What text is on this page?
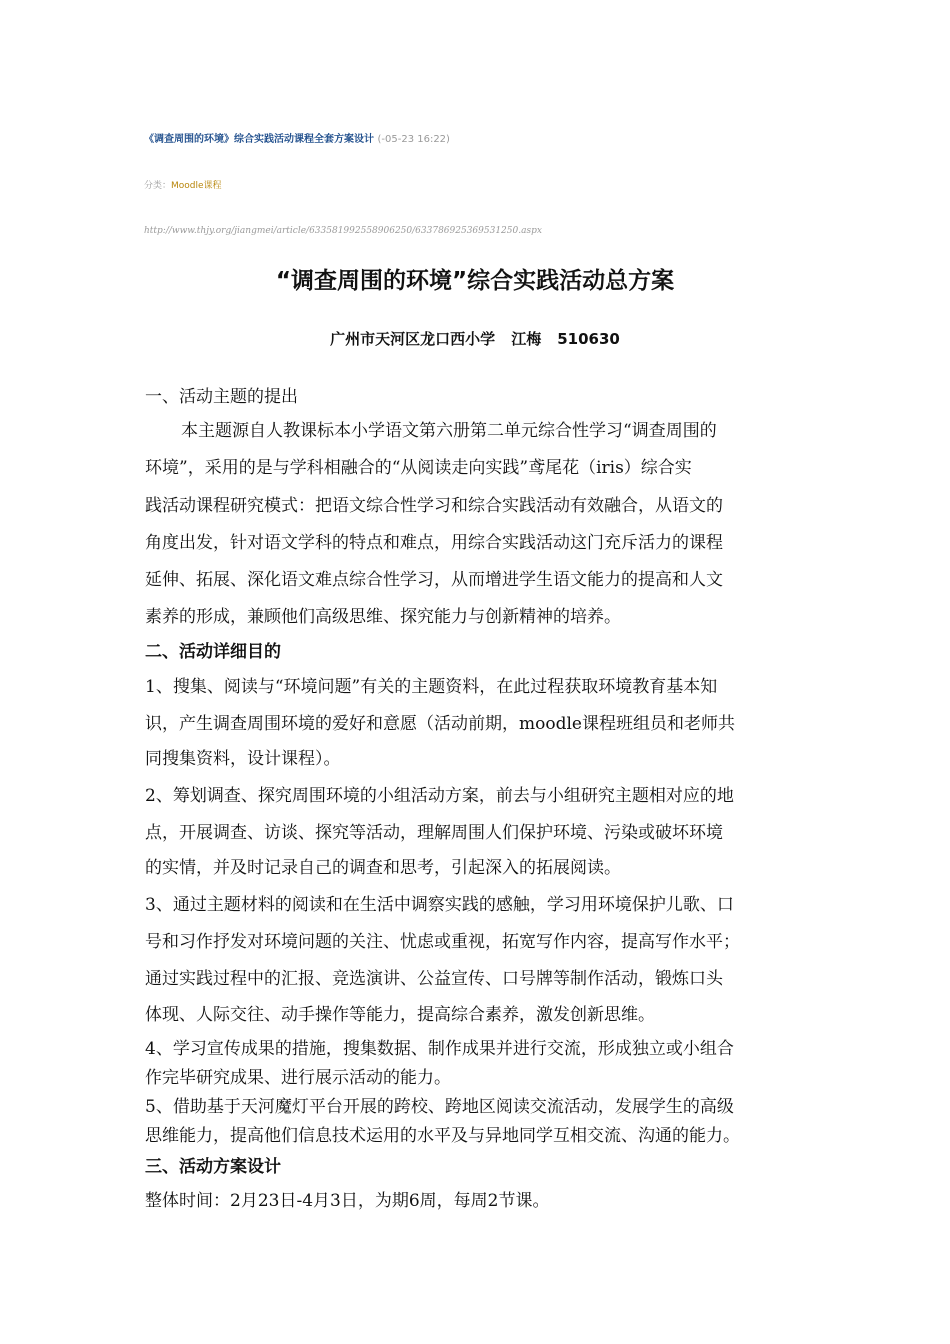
《调查周围的环境》综合实践活动课程全套方案设计 (-05-23 16:22)
分类：Moodle课程
http://www.thjy.org/jiangmei/article/633581992558906250/633786925369531250.aspx
“调查周围的环境”综合实践活动总方案
广州市天河区龙口西小学 江梅 510630
一、活动主题的提出
本主题源自人教课标本小学语文第六册第二单元综合性学习“调查周围的
环境”，采用的是与学科相融合的“从阅读走向实践”鸢尾花（iris）综合实
践活动课程研究模式：把语文综合性学习和综合实践活动有效融合，从语文的
角度出发，针对语文学科的特点和难点，用综合实践活动这门充斥活力的课程
延伸、拓展、深化语文难点综合性学习，从而增进学生语文能力的提高和人文
素养的形成，兼顾他们高级思维、探究能力与创新精神的培养。
二、活动详细目的
1、搜集、阅读与“环境问题”有关的主题资料，在此过程获取环境教育基本知
识，产生调查周围环境的爱好和意愿（活动前期，moodle课程班组员和老师共
同搜集资料，设计课程）。
2、筹划调查、探究周围环境的小组活动方案，前去与小组研究主题相对应的地
点，开展调查、访谈、探究等活动，理解周围人们保护环境、污染或破坏环境
的实情，并及时记录自己的调查和思考，引起深入的拓展阅读。
3、通过主题材料的阅读和在生活中调察实践的感触，学习用环境保护儿歌、口
号和习作抒发对环境问题的关注、忧虑或重视，拓宽写作内容，提高写作水平；
通过实践过程中的汇报、竞选演讲、公益宣传、口号牌等制作活动，锻炼口头
体现、人际交往、动手操作等能力，提高综合素养，激发创新思维。
4、学习宣传成果的措施，搜集数据、制作成果并进行交流，形成独立或小组合
作完毕研究成果、进行展示活动的能力。
5、借助基于天河魔灯平台开展的跨校、跨地区阅读交流活动，发展学生的高级
思维能力，提高他们信息技术运用的水平及与异地同学互相交流、沟通的能力。
三、活动方案设计
整体时间：2月23日-4月3日，为期6周，每周2节课。
